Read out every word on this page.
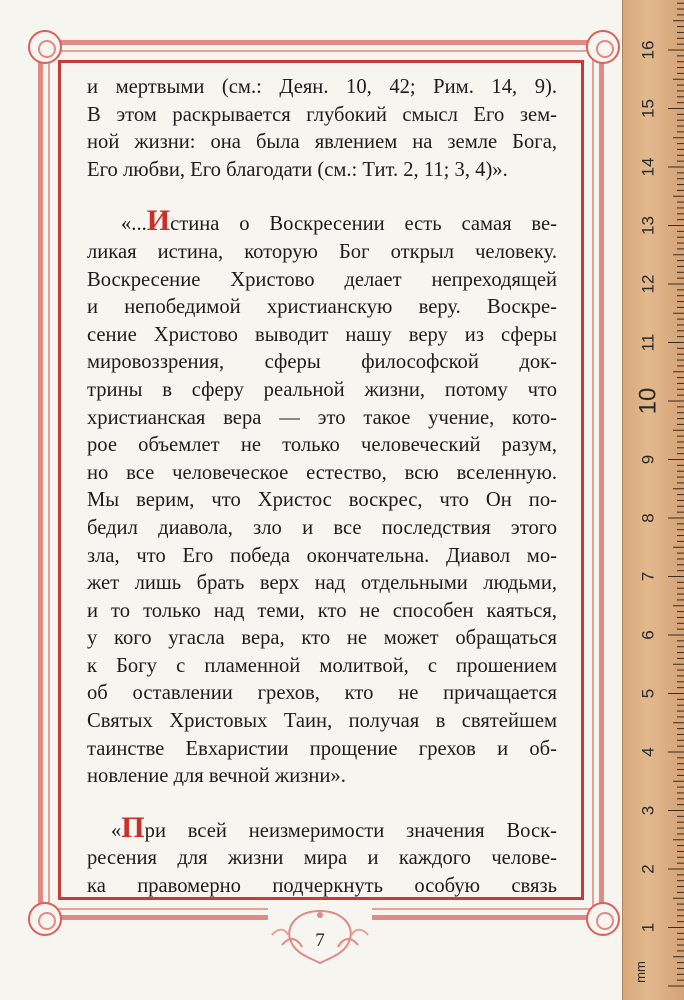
7

и мертвыми (см.: Деян. 10, 42; Рим. 14, 9).

В этом раскрывается глубокий смысл Его зем-

ной жизни: она была явлением на земле Бога,

Его любви, Его благодати (см.: Тит. 2, 11; 3, 4)».

«...Истина о Воскресении есть самая ве-

ликая истина, которую Бог открыл человеку.

Воскресение Христово делает непреходящей

и непобедимой христианскую веру. Воскре-

сение Христово выводит нашу веру из сферы

мировоззрения, сферы философской док-

трины в сферу реальной жизни, потому что

христианская вера — это такое учение, кото-

рое объемлет не только человеческий разум,

но все человеческое естество, всю вселенную.

Мы верим, что Христос воскрес, что Он по-

бедил диавола, зло и все последствия этого

зла, что Его победа окончательна. Диавол мо-

жет лишь брать верх над отдельными людьми,

и то только над теми, кто не способен каяться,

у кого угасла вера, кто не может обращаться

к Богу с пламенной молитвой, с прошением

об оставлении грехов, кто не причащается

Святых Христовых Таин, получая в святейшем

таинстве Евхаристии прощение грехов и об-

новление для вечной жизни».

«При всей неизмеримости значения Воск-

ресения для жизни мира и каждого челове-

ка правомерно подчеркнуть особую связь

1
2
3
4
5
6
7
8
9
10
11
12
13
14
15
16
mm
